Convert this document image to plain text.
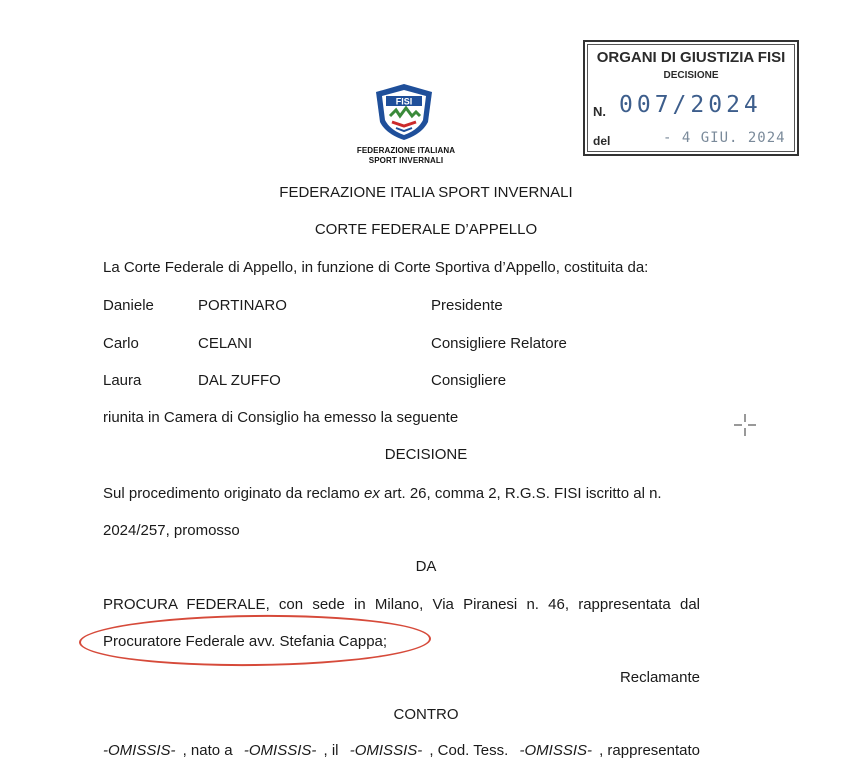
FISI
FEDERAZIONE ITALIANA
SPORT INVERNALI
ORGANI DI GIUSTIZIA FISI
DECISIONE
N. 007/2024
del	- 4 GIU. 2024
FEDERAZIONE ITALIA SPORT INVERNALI
CORTE FEDERALE D’APPELLO
La Corte Federale di Appello, in funzione di Corte Sportiva d’Appello, costituita da:
Daniele	PORTINARO	Presidente
Carlo	CELANI	Consigliere Relatore
Laura	DAL ZUFFO	Consigliere
riunita in Camera di Consiglio ha emesso la seguente
DECISIONE
Sul procedimento originato da reclamo ex art. 26, comma 2, R.G.S. FISI iscritto al n.
2024/257, promosso
DA
PROCURA FEDERALE, con sede in Milano, Via Piranesi n. 46, rappresentata dal
Procuratore Federale avv. Stefania Cappa;
Reclamante
CONTRO
-OMISSIS- , nato a -OMISSIS- , il -OMISSIS- , Cod. Tess. -OMISSIS- , rappresentato
